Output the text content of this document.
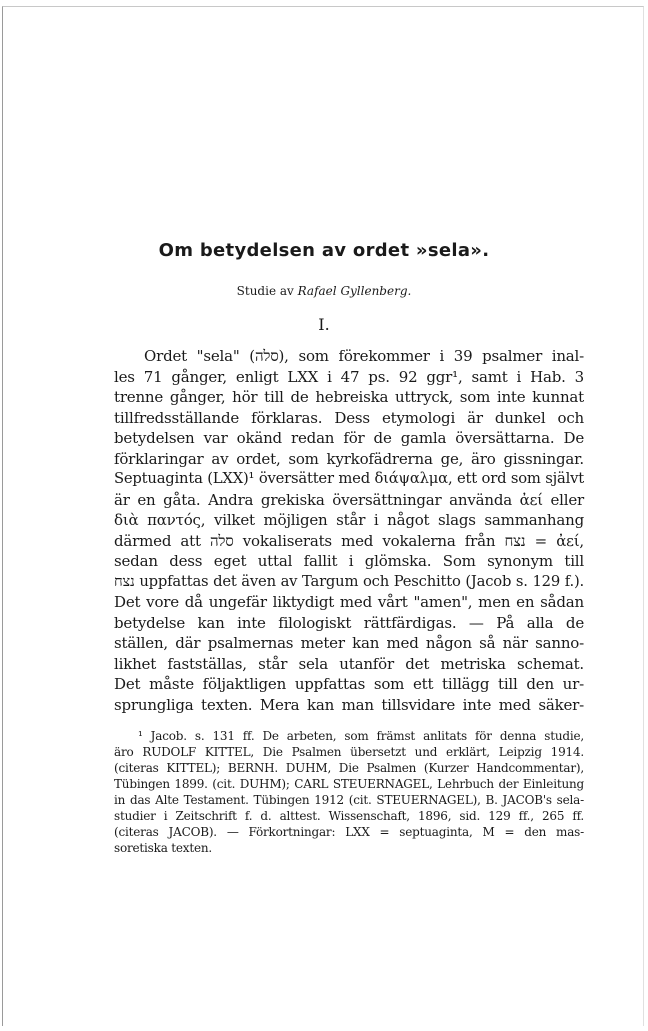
Om betydelsen av ordet »sela».
Studie av Rafael Gyllenberg.
I.
Ordet "sela" (סלה), som förekommer i 39 psalmer inal-
les 71 gånger, enligt LXX i 47 ps. 92 ggr¹, samt i Hab. 3
trenne gånger, hör till de hebreiska uttryck, som inte kunnat
tillfredsställande förklaras. Dess etymologi är dunkel och
betydelsen var okänd redan för de gamla översättarna. De
förklaringar av ordet, som kyrkofädrerna ge, äro gissningar.
Septuaginta (LXX)¹ översätter med διάψαλμα, ett ord som självt
är en gåta. Andra grekiska översättningar använda ἀεί eller
διὰ παντός, vilket möjligen står i något slags sammanhang
därmed att סלה vokaliserats med vokalerna från נצח = ἀεί,
sedan dess eget uttal fallit i glömska. Som synonym till
נצח uppfattas det även av Targum och Peschitto (Jacob s. 129 f.).
Det vore då ungefär liktydigt med vårt "amen", men en sådan
betydelse kan inte filologiskt rättfärdigas. — På alla de
ställen, där psalmernas meter kan med någon så när sanno-
likhet fastställas, står sela utanför det metriska schemat.
Det måste följaktligen uppfattas som ett tillägg till den ur-
sprungliga texten. Mera kan man tillsvidare inte med säker-
¹ Jacob. s. 131 ff. De arbeten, som främst anlitats för denna studie,
äro RUDOLF KITTEL, Die Psalmen übersetzt und erklärt, Leipzig 1914.
(citeras KITTEL); BERNH. DUHM, Die Psalmen (Kurzer Handcommentar),
Tübingen 1899. (cit. DUHM); CARL STEUERNAGEL, Lehrbuch der Einleitung
in das Alte Testament. Tübingen 1912 (cit. STEUERNAGEL), B. JACOB's sela-
studier i Zeitschrift f. d. alttest. Wissenschaft, 1896, sid. 129 ff., 265 ff.
(citeras JACOB). — Förkortningar: LXX = septuaginta, M = den mas-
soretiska texten.
